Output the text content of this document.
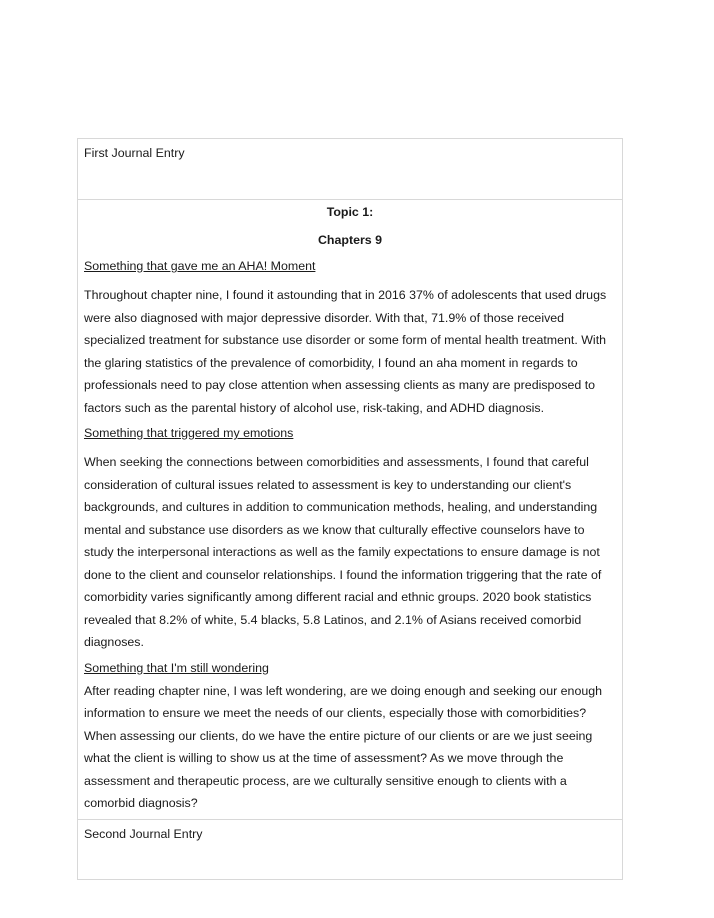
First Journal Entry

Topic 1:

Chapters 9

Something that gave me an AHA! Moment

Throughout chapter nine, I found it astounding that in 2016 37% of adolescents that used drugs were also diagnosed with major depressive disorder. With that, 71.9% of those received specialized treatment for substance use disorder or some form of mental health treatment. With the glaring statistics of the prevalence of comorbidity, I found an aha moment in regards to professionals need to pay close attention when assessing clients as many are predisposed to factors such as the parental history of alcohol use, risk-taking, and ADHD diagnosis.

Something that triggered my emotions

When seeking the connections between comorbidities and assessments, I found that careful consideration of cultural issues related to assessment is key to understanding our client's backgrounds, and cultures in addition to communication methods, healing, and understanding mental and substance use disorders as we know that culturally effective counselors have to study the interpersonal interactions as well as the family expectations to ensure damage is not done to the client and counselor relationships. I found the information triggering that the rate of comorbidity varies significantly among different racial and ethnic groups. 2020 book statistics revealed that 8.2% of white, 5.4 blacks, 5.8 Latinos, and 2.1% of Asians received comorbid diagnoses.

Something that I'm still wondering

After reading chapter nine, I was left wondering, are we doing enough and seeking our enough information to ensure we meet the needs of our clients, especially those with comorbidities? When assessing our clients, do we have the entire picture of our clients or are we just seeing what the client is willing to show us at the time of assessment? As we move through the assessment and therapeutic process, are we culturally sensitive enough to clients with a comorbid diagnosis?

Second Journal Entry
